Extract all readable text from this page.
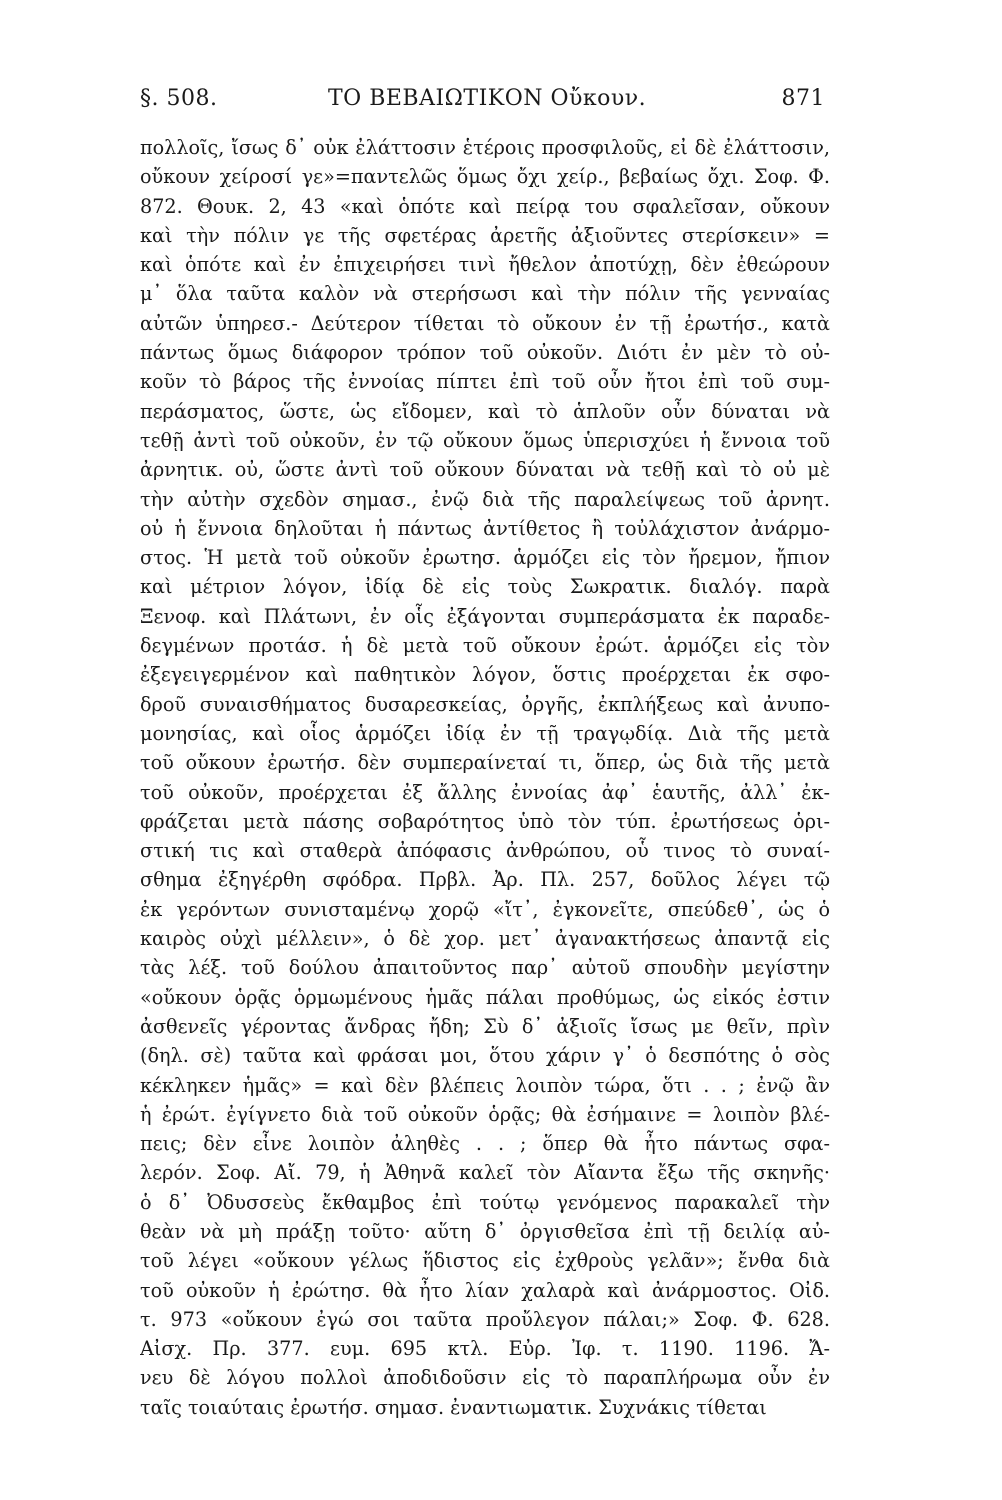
§. 508.	ΤΟ ΒΕΒΑΙΩΤΙΚΟΝ Οὔκουν.	871
πολλοῖς, ἴσως δ᾽ οὐκ ἐλάττοσιν ἑτέροις προσφιλοῦς, εἰ δὲ ἐλάττοσιν,
οὔκουν χείροσί γε»=παντελῶς ὅμως ὄχι χείρ., βεβαίως ὄχι. Σοφ. Φ.
872. Θουκ. 2, 43 «καὶ ὁπότε καὶ πείρᾳ του σφαλεῖσαν, οὔκουν
καὶ τὴν πόλιν γε τῆς σφετέρας ἀρετῆς ἀξιοῦντες στερίσκειν» =
καὶ ὁπότε καὶ ἐν ἐπιχειρήσει τινὶ ἤθελον ἀποτύχῃ, δὲν ἐθεώρουν
μ᾽ ὅλα ταῦτα καλὸν νὰ στερήσωσι καὶ τὴν πόλιν τῆς γενναίας
αὐτῶν ὑπηρεσ.- Δεύτερον τίθεται τὸ οὔκουν ἐν τῇ ἐρωτήσ., κατὰ
πάντως ὅμως διάφορον τρόπον τοῦ οὐκοῦν. Διότι ἐν μὲν τὸ οὐ-
κοῦν τὸ βάρος τῆς ἐννοίας πίπτει ἐπὶ τοῦ οὖν ἤτοι ἐπὶ τοῦ συμ-
περάσματος, ὥστε, ὡς εἴδομεν, καὶ τὸ ἁπλοῦν οὖν δύναται νὰ
τεθῇ ἀντὶ τοῦ οὐκοῦν, ἐν τῷ οὔκουν ὅμως ὑπερισχύει ἡ ἔννοια τοῦ
ἀρνητικ. οὐ, ὥστε ἀντὶ τοῦ οὔκουν δύναται νὰ τεθῇ καὶ τὸ οὐ μὲ
τὴν αὐτὴν σχεδὸν σημασ., ἐνῷ διὰ τῆς παραλείψεως τοῦ ἀρνητ.
οὐ ἡ ἔννοια δηλοῦται ἡ πάντως ἀντίθετος ἢ τοὐλάχιστον ἀνάρμο-
στος. Ἡ μετὰ τοῦ οὐκοῦν ἐρωτησ. ἁρμόζει εἰς τὸν ἤρεμον, ἤπιον
καὶ μέτριον λόγον, ἰδίᾳ δὲ εἰς τοὺς Σωκρατικ. διαλόγ. παρὰ
Ξενοφ. καὶ Πλάτωνι, ἐν οἷς ἐξάγονται συμπεράσματα ἐκ παραδε-
δεγμένων προτάσ. ἡ δὲ μετὰ τοῦ οὔκουν ἐρώτ. ἁρμόζει εἰς τὸν
ἐξεγειγερμένον καὶ παθητικὸν λόγον, ὅστις προέρχεται ἐκ σφο-
δροῦ συναισθήματος δυσαρεσκείας, ὀργῆς, ἐκπλήξεως καὶ ἀνυπο-
μονησίας, καὶ οἷος ἁρμόζει ἰδίᾳ ἐν τῇ τραγῳδίᾳ. Διὰ τῆς μετὰ
τοῦ οὔκουν ἐρωτήσ. δὲν συμπεραίνεταί τι, ὅπερ, ὡς διὰ τῆς μετὰ
τοῦ οὐκοῦν, προέρχεται ἐξ ἄλλης ἐννοίας ἀφ᾽ ἑαυτῆς, ἀλλ᾽ ἐκ-
φράζεται μετὰ πάσης σοβαρότητος ὑπὸ τὸν τύπ. ἐρωτήσεως ὁρι-
στική τις καὶ σταθερὰ ἀπόφασις ἀνθρώπου, οὗ τινος τὸ συναί-
σθημα ἐξηγέρθη σφόδρα. Πρβλ. Ἀρ. Πλ. 257, δοῦλος λέγει τῷ
ἐκ γερόντων συνισταμένῳ χορῷ «ἴτ᾽, ἐγκονεῖτε, σπεύδεθ᾽, ὡς ὁ
καιρὸς οὐχὶ μέλλειν», ὁ δὲ χορ. μετ᾽ ἀγανακτήσεως ἀπαντᾷ εἰς
τὰς λέξ. τοῦ δούλου ἀπαιτοῦντος παρ᾽ αὐτοῦ σπουδὴν μεγίστην
«οὔκουν ὁρᾷς ὁρμωμένους ἡμᾶς πάλαι προθύμως, ὡς εἰκός ἐστιν
ἀσθενεῖς γέροντας ἄνδρας ἤδη; Σὺ δ᾽ ἀξιοῖς ἴσως με θεῖν, πρὶν
(δηλ. σὲ) ταῦτα καὶ φράσαι μοι, ὅτου χάριν γ᾽ ὁ δεσπότης ὁ σὸς
κέκληκεν ἡμᾶς» = καὶ δὲν βλέπεις λοιπὸν τώρα, ὅτι . . ; ἐνῷ ἂν
ἡ ἐρώτ. ἐγίγνετο διὰ τοῦ οὐκοῦν ὁρᾷς; θὰ ἐσήμαινε = λοιπὸν βλέ-
πεις; δὲν εἶνε λοιπὸν ἀληθὲς . . ; ὅπερ θὰ ἦτο πάντως σφα-
λερόν. Σοφ. Αἴ. 79, ἡ Ἀθηνᾶ καλεῖ τὸν Αἴαντα ἔξω τῆς σκηνῆς·
ὁ δ᾽ Ὀδυσσεὺς ἔκθαμβος ἐπὶ τούτῳ γενόμενος παρακαλεῖ τὴν
θεὰν νὰ μὴ πράξῃ τοῦτο· αὕτη δ᾽ ὀργισθεῖσα ἐπὶ τῇ δειλίᾳ αὐ-
τοῦ λέγει «οὔκουν γέλως ἥδιστος εἰς ἐχθροὺς γελᾶν»; ἔνθα διὰ
τοῦ οὐκοῦν ἡ ἐρώτησ. θὰ ἦτο λίαν χαλαρὰ καὶ ἀνάρμοστος. Οἰδ.
τ. 973 «οὔκουν ἐγώ σοι ταῦτα προὔλεγον πάλαι;» Σοφ. Φ. 628.
Αἰσχ. Πρ. 377. ευμ. 695 κτλ. Εὐρ. Ἰφ. τ. 1190. 1196. Ἄ-
νευ δὲ λόγου πολλοὶ ἀποδιδοῦσιν εἰς τὸ παραπλήρωμα οὖν ἐν
ταῖς τοιαύταις ἐρωτήσ. σημασ. ἐναντιωματικ. Συχνάκις τίθεται
